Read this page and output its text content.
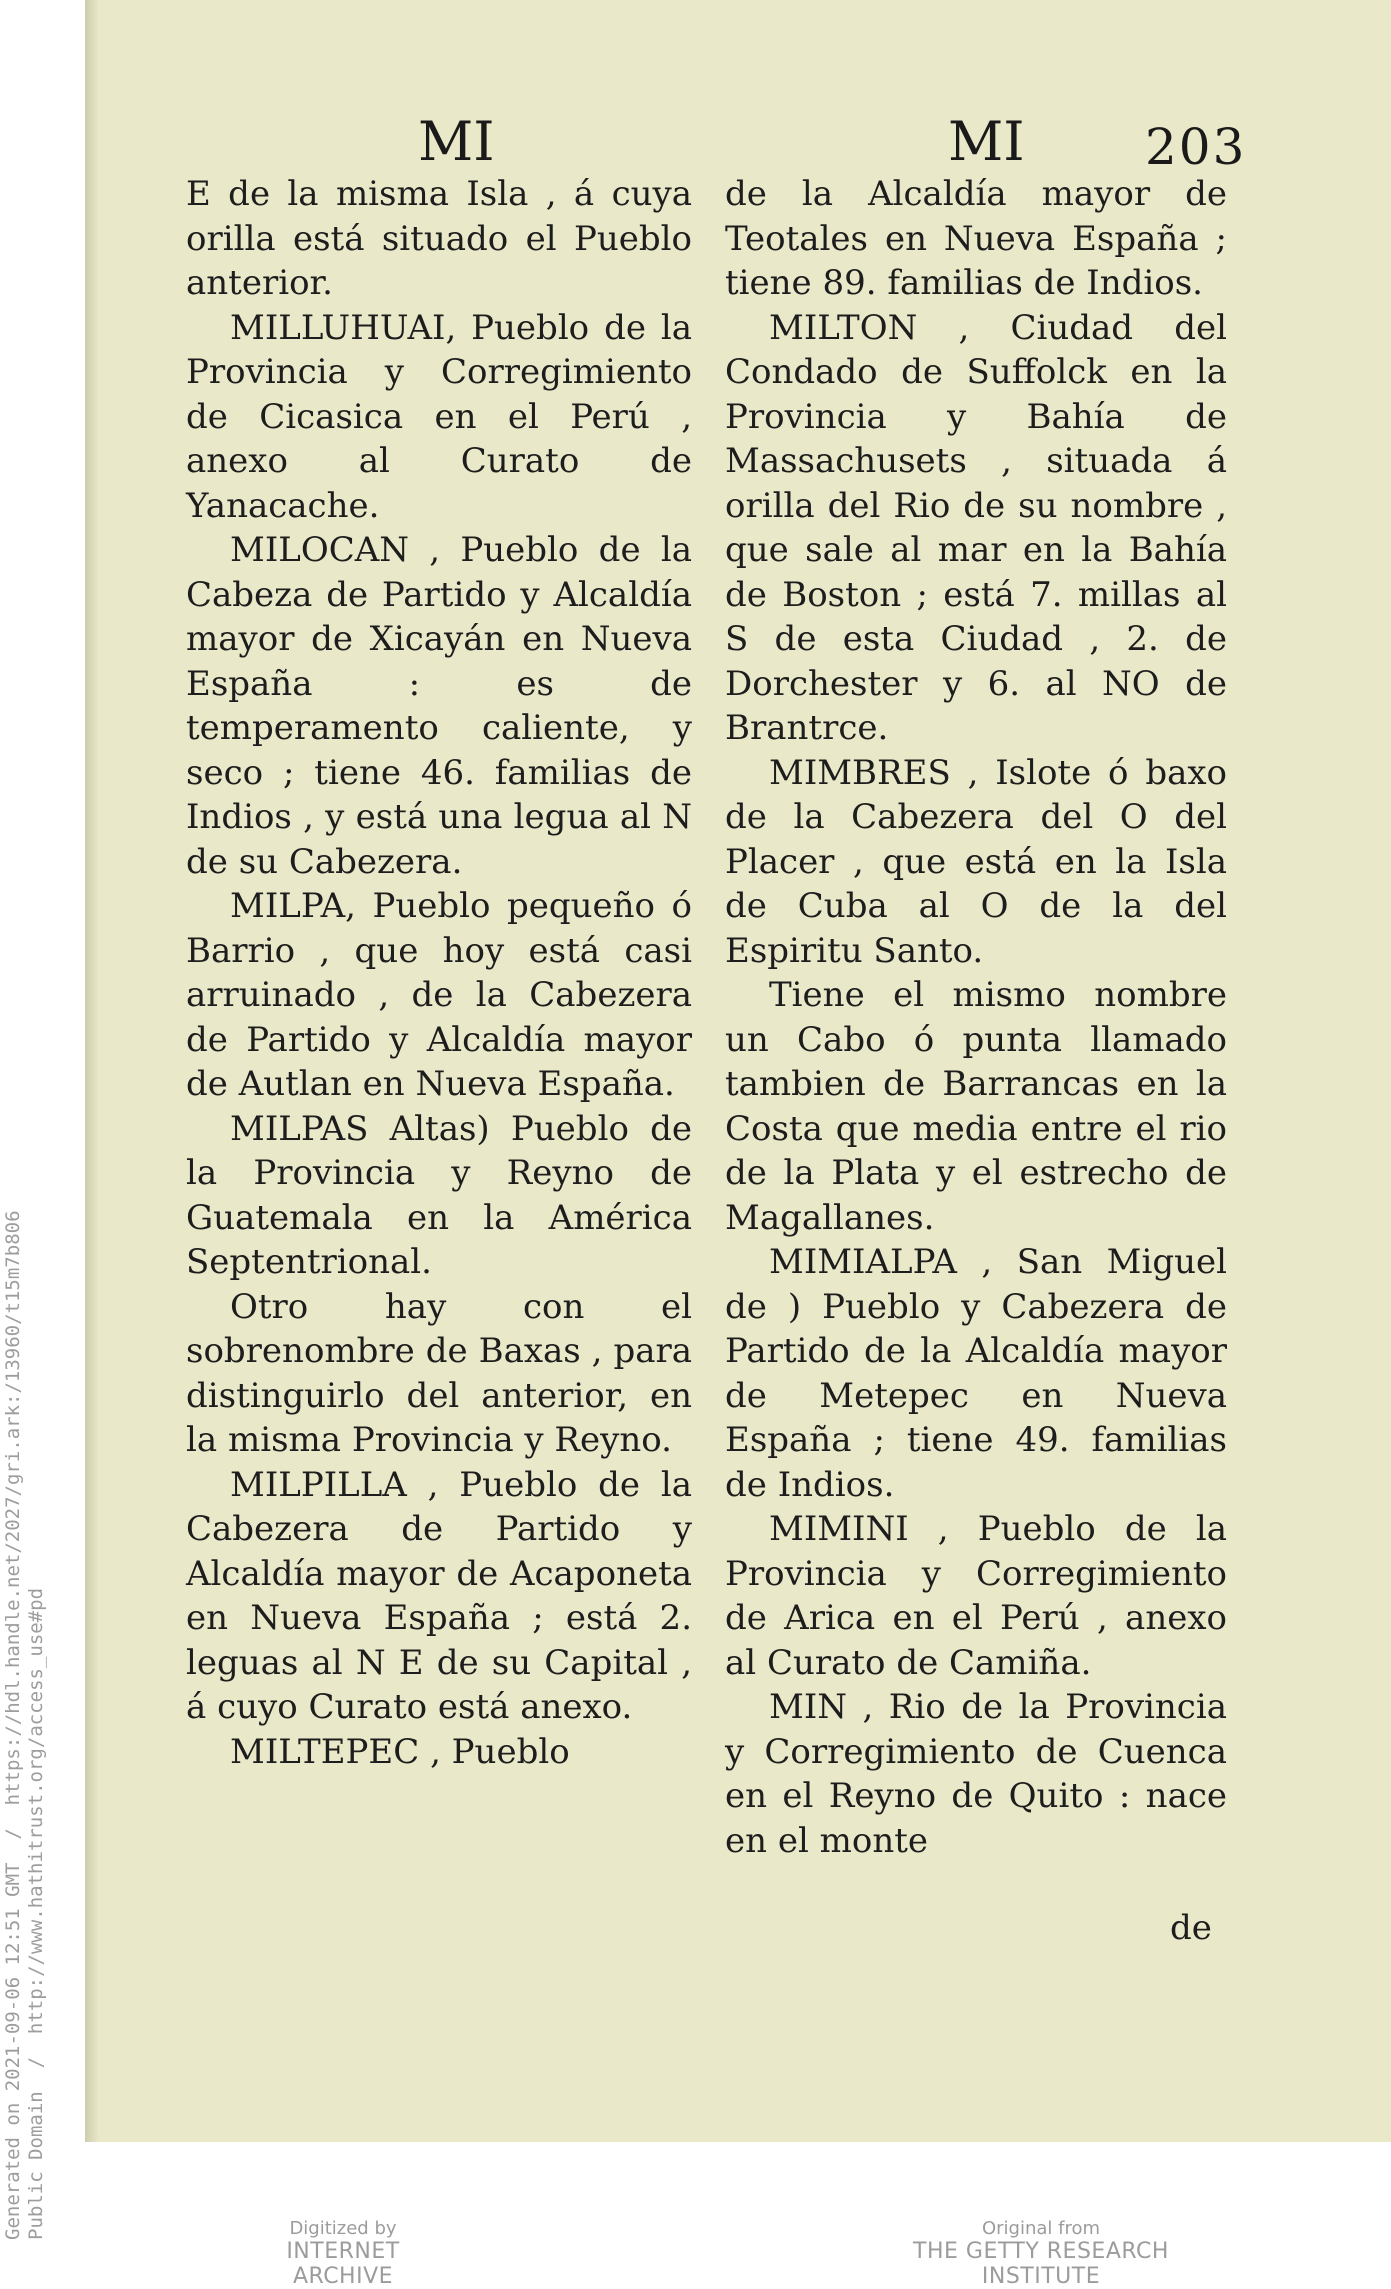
MI	MI 203

E de la misma Isla , á cuya orilla está situado el Pueblo anterior.

MILLUHUAI, Pueblo de la Provincia y Corregimiento de Cicasica en el Perú , anexo al Curato de Yanacache.

MILOCAN , Pueblo de la Cabeza de Partido y Alcaldía mayor de Xicayán en Nueva España : es de temperamento caliente, y seco ; tiene 46. familias de Indios , y está una legua al N de su Cabezera.

MILPA, Pueblo pequeño ó Barrio , que hoy está casi arruinado , de la Cabezera de Partido y Alcaldía mayor de Autlan en Nueva España.

MILPAS Altas) Pueblo de la Provincia y Reyno de Guatemala en la América Septentrional.

Otro hay con el sobrenombre de Baxas , para distinguirlo del anterior, en la misma Provincia y Reyno.

MILPILLA , Pueblo de la Cabezera de Partido y Alcaldía mayor de Acaponeta en Nueva España ; está 2. leguas al N E de su Capital , á cuyo Curato está anexo.

MILTEPEC , Pueblo

de la Alcaldía mayor de Teotales en Nueva España ; tiene 89. familias de Indios.

MILTON , Ciudad del Condado de Suffolck en la Provincia y Bahía de Massachusets , situada á orilla del Rio de su nombre , que sale al mar en la Bahía de Boston ; está 7. millas al S de esta Ciudad , 2. de Dorchester y 6. al NO de Brantrce.

MIMBRES , Islote ó baxo de la Cabezera del O del Placer , que está en la Isla de Cuba al O de la del Espiritu Santo.

Tiene el mismo nombre un Cabo ó punta llamado tambien de Barrancas en la Costa que media entre el rio de la Plata y el estrecho de Magallanes.

MIMIALPA , San Miguel de ) Pueblo y Cabezera de Partido de la Alcaldía mayor de Metepec en Nueva España ; tiene 49. familias de Indios.

MIMINI , Pueblo de la Provincia y Corregimiento de Arica en el Perú , anexo al Curato de Camiña.

MIN , Rio de la Provincia y Corregimiento de Cuenca en el Reyno de Quito : nace en el monte

de
Generated on 2021-09-06 12:51 GMT  /  https://hdl.handle.net/2027/gri.ark:/13960/t15m7b806
Public Domain  /  http://www.hathitrust.org/access_use#pd
Digitized by
INTERNET ARCHIVE
Original from
THE GETTY RESEARCH INSTITUTE
